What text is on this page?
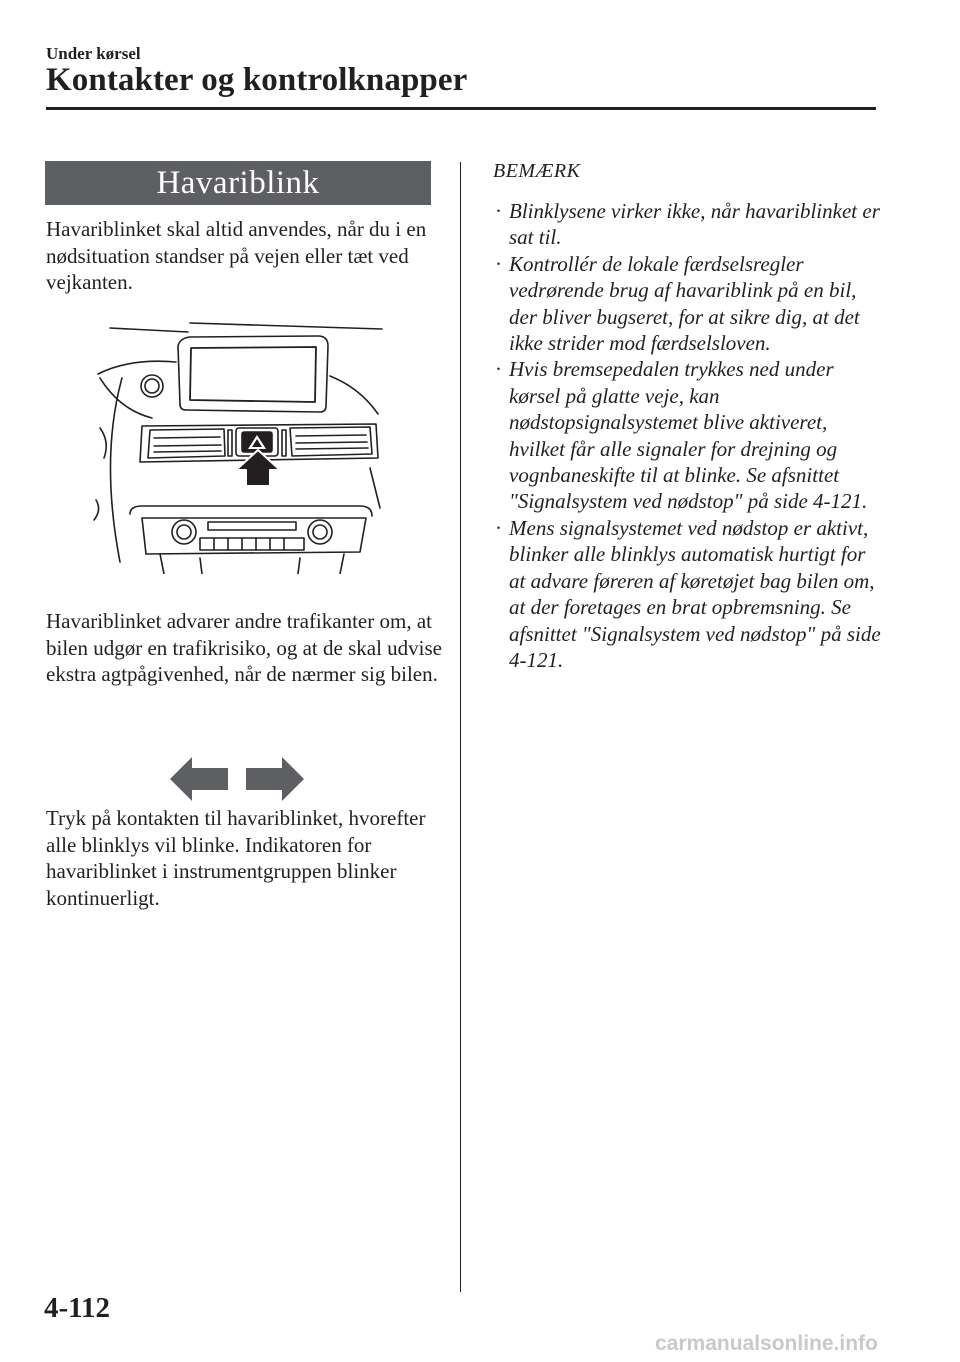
Under kørsel
Kontakter og kontrolknapper
Havariblink

Havariblinket skal altid anvendes, når du i en nødsituation standser på vejen eller tæt ved vejkanten.

Havariblinket advarer andre trafikanter om, at bilen udgør en trafikrisiko, og at de skal udvise ekstra agtpågivenhed, når de nærmer sig bilen.

Tryk på kontakten til havariblinket, hvorefter alle blinklys vil blinke. Indikatoren for havariblinket i instrumentgruppen blinker kontinuerligt.

BEMÆRK
· Blinklysene virker ikke, når havariblinket er sat til.
· Kontrollér de lokale færdselsregler vedrørende brug af havariblink på en bil, der bliver bugseret, for at sikre dig, at det ikke strider mod færdselsloven.
· Hvis bremsepedalen trykkes ned under kørsel på glatte veje, kan nødstopsignalsystemet blive aktiveret, hvilket får alle signaler for drejning og vognbaneskifte til at blinke. Se afsnittet "Signalsystem ved nødstop" på side 4-121.
· Mens signalsystemet ved nødstop er aktivt, blinker alle blinklys automatisk hurtigt for at advare føreren af køretøjet bag bilen om, at der foretages en brat opbremsning. Se afsnittet "Signalsystem ved nødstop" på side 4-121.
4-112
carmanualsonline.info
